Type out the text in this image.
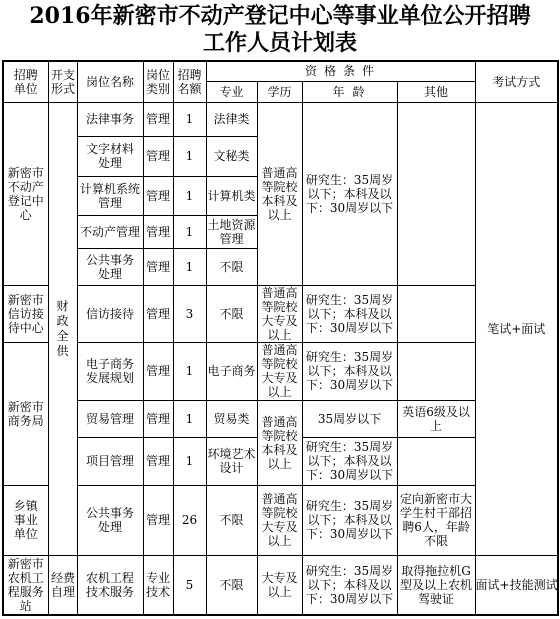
2016年新密市不动产登记中心等事业单位公开招聘
工作人员计划表
招聘单位	开支形式	岗位名称	岗位类别	招聘名额	资格条件				考试方式
					专业	学历	年龄	其他	
新密市不动产登记中心	财政全供	法律事务	管理	1	法律类	普通高等院校本科及以上	研究生：35周岁以下；本科及以下：30周岁以下		笔试+面试
		文字材料处理	管理	1	文秘类				
		计算机系统管理	管理	1	计算机类				
		不动产管理	管理	1	土地资源管理				
		公共事务处理	管理	1	不限				
新密市信访接待中心		信访接待	管理	3	不限	普通高等院校大专及以上	研究生：35周岁以下；本科及以下：30周岁以下		
新密市商务局		电子商务发展规划	管理	1	电子商务	普通高等院校大专及以上	研究生：35周岁以下；本科及以下：30周岁以下		
		贸易管理	管理	1	贸易类	普通高等院校本科及以上	35周岁以下	英语6级及以上	
		项目管理	管理	1	环境艺术设计		研究生：35周岁以下；本科及以下：30周岁以下		
乡镇事业单位		公共事务处理	管理	26	不限	普通高等院校大专及以上	研究生：35周岁以下；本科及以下：30周岁以下	定向新密市大学生村干部招聘6人，年龄不限	
新密市农机工程服务站	经费自理	农机工程技术服务	专业技术	5	不限	大专及以上	研究生：35周岁以下；本科及以下：30周岁以下	取得拖拉机G型及以上农机驾驶证	面试+技能测试
